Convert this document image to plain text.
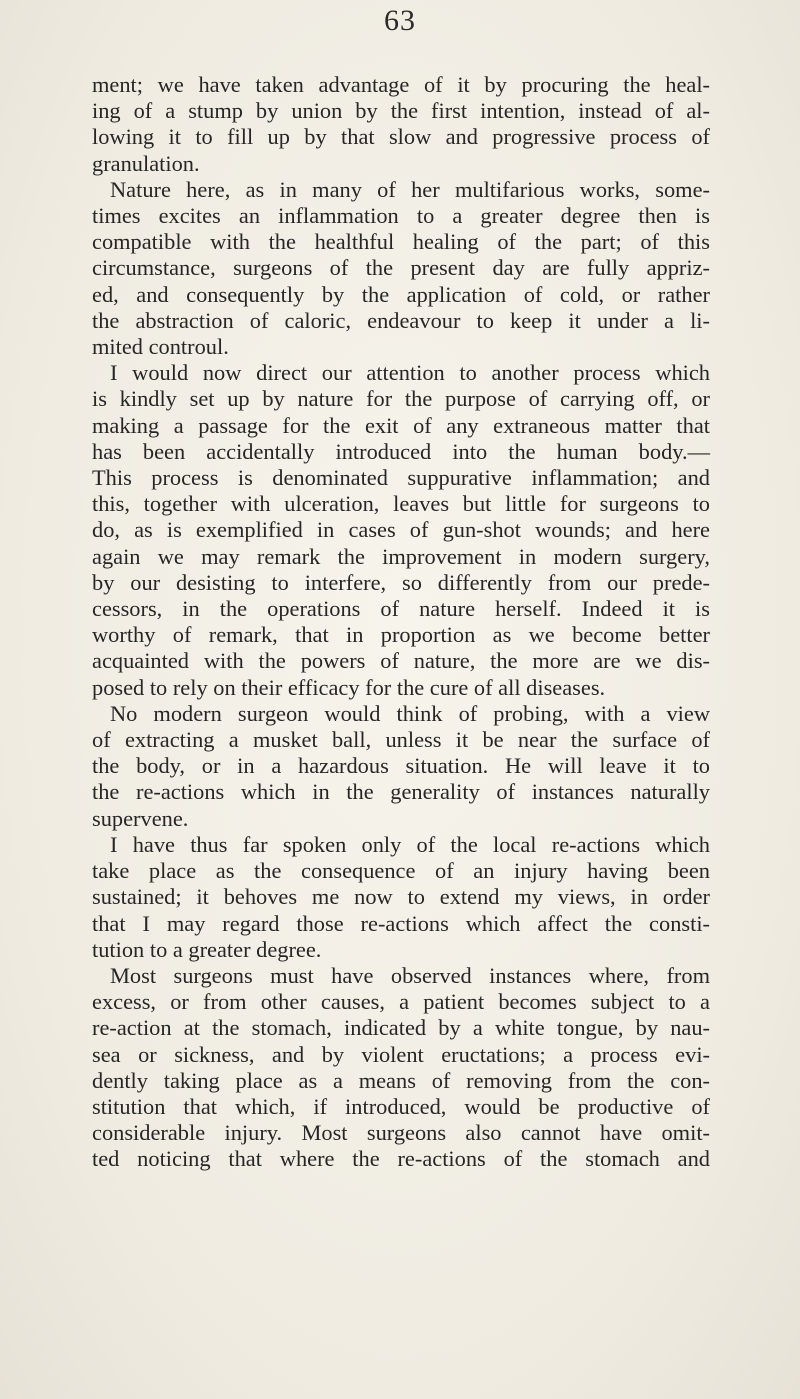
63
ment; we have taken advantage of it by procuring the heal-
ing of a stump by union by the first intention, instead of al-
lowing it to fill up by that slow and progressive process of
granulation.
Nature here, as in many of her multifarious works, some-
times excites an inflammation to a greater degree then is
compatible with the healthful healing of the part; of this
circumstance, surgeons of the present day are fully appriz-
ed, and consequently by the application of cold, or rather
the abstraction of caloric, endeavour to keep it under a li-
mited controul.
I would now direct our attention to another process which
is kindly set up by nature for the purpose of carrying off, or
making a passage for the exit of any extraneous matter that
has been accidentally introduced into the human body.—
This process is denominated suppurative inflammation; and
this, together with ulceration, leaves but little for surgeons to
do, as is exemplified in cases of gun-shot wounds; and here
again we may remark the improvement in modern surgery,
by our desisting to interfere, so differently from our prede-
cessors, in the operations of nature herself. Indeed it is
worthy of remark, that in proportion as we become better
acquainted with the powers of nature, the more are we dis-
posed to rely on their efficacy for the cure of all diseases.
No modern surgeon would think of probing, with a view
of extracting a musket ball, unless it be near the surface of
the body, or in a hazardous situation. He will leave it to
the re-actions which in the generality of instances naturally
supervene.
I have thus far spoken only of the local re-actions which
take place as the consequence of an injury having been
sustained; it behoves me now to extend my views, in order
that I may regard those re-actions which affect the consti-
tution to a greater degree.
Most surgeons must have observed instances where, from
excess, or from other causes, a patient becomes subject to a
re-action at the stomach, indicated by a white tongue, by nau-
sea or sickness, and by violent eructations; a process evi-
dently taking place as a means of removing from the con-
stitution that which, if introduced, would be productive of
considerable injury. Most surgeons also cannot have omit-
ted noticing that where the re-actions of the stomach and
